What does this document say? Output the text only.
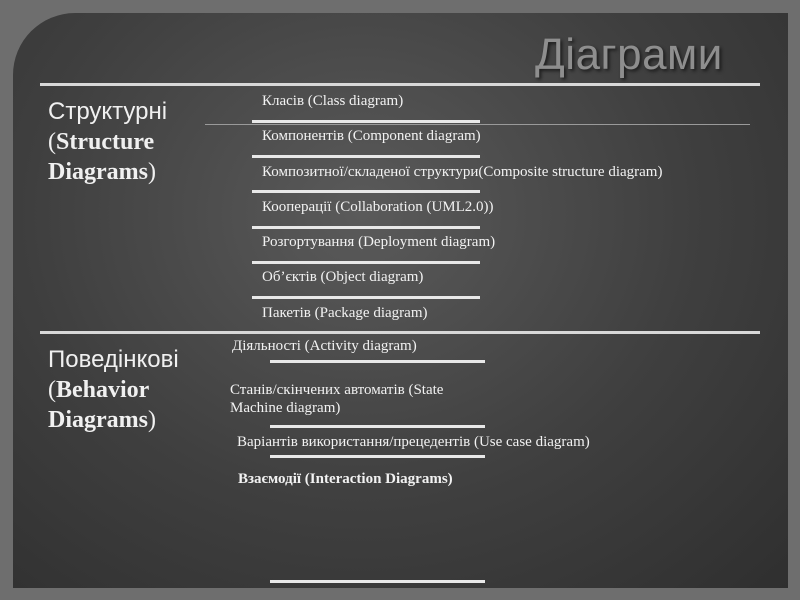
Діаграми
Структурні
(Structure
Diagrams)
Класів (Class diagram)
Компонентів (Component diagram)
Композитної/складеної структури(Composite structure diagram)
Кооперації (Collaboration (UML2.0))
Розгортування (Deployment diagram)
Об’єктів (Object diagram)
Пакетів (Package diagram)
Поведінкові
(Behavior
Diagrams)
Діяльності (Activity diagram)
Станів/скінчених автоматів (State Machine diagram)
Варіантів використання/прецедентів (Use case diagram)
Взаємодії (Interaction Diagrams)
